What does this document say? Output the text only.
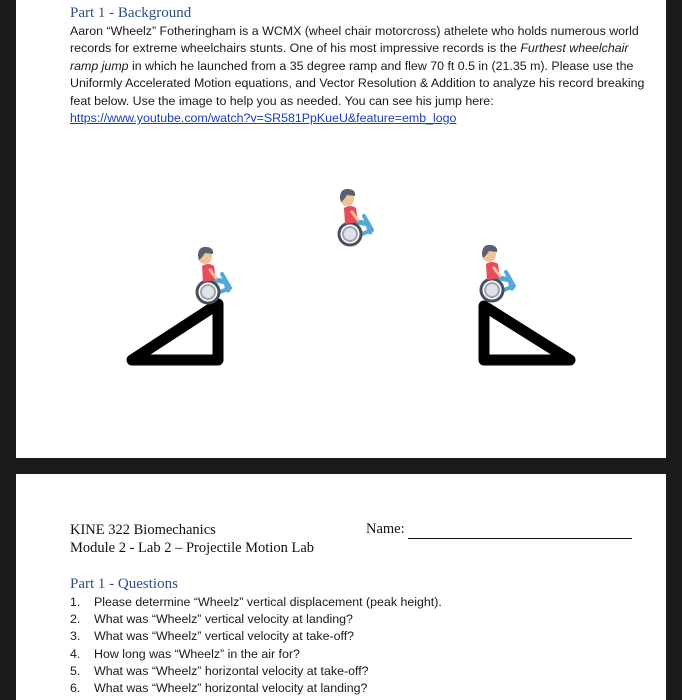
Part 1 - Background
Aaron “Wheelz” Fotheringham is a WCMX (wheel chair motorcross) athelete who holds numerous world records for extreme wheelchairs stunts. One of his most impressive records is the Furthest wheelchair ramp jump in which he launched from a 35 degree ramp and flew 70 ft 0.5 in (21.35 m). Please use the Uniformly Accelerated Motion equations, and Vector Resolution & Addition to analyze his record breaking feat below. Use the image to help you as needed. You can see his jump here: https://www.youtube.com/watch?v=SR581PpKueU&feature=emb_logo
KINE 322 Biomechanics
Module 2 - Lab 2 – Projectile Motion Lab
Name:
Part 1 - Questions
1. Please determine “Wheelz” vertical displacement (peak height).
2. What was “Wheelz” vertical velocity at landing?
3. What was “Wheelz” vertical velocity at take-off?
4. How long was “Wheelz” in the air for?
5. What was “Wheelz” horizontal velocity at take-off?
6. What was “Wheelz” horizontal velocity at landing?
